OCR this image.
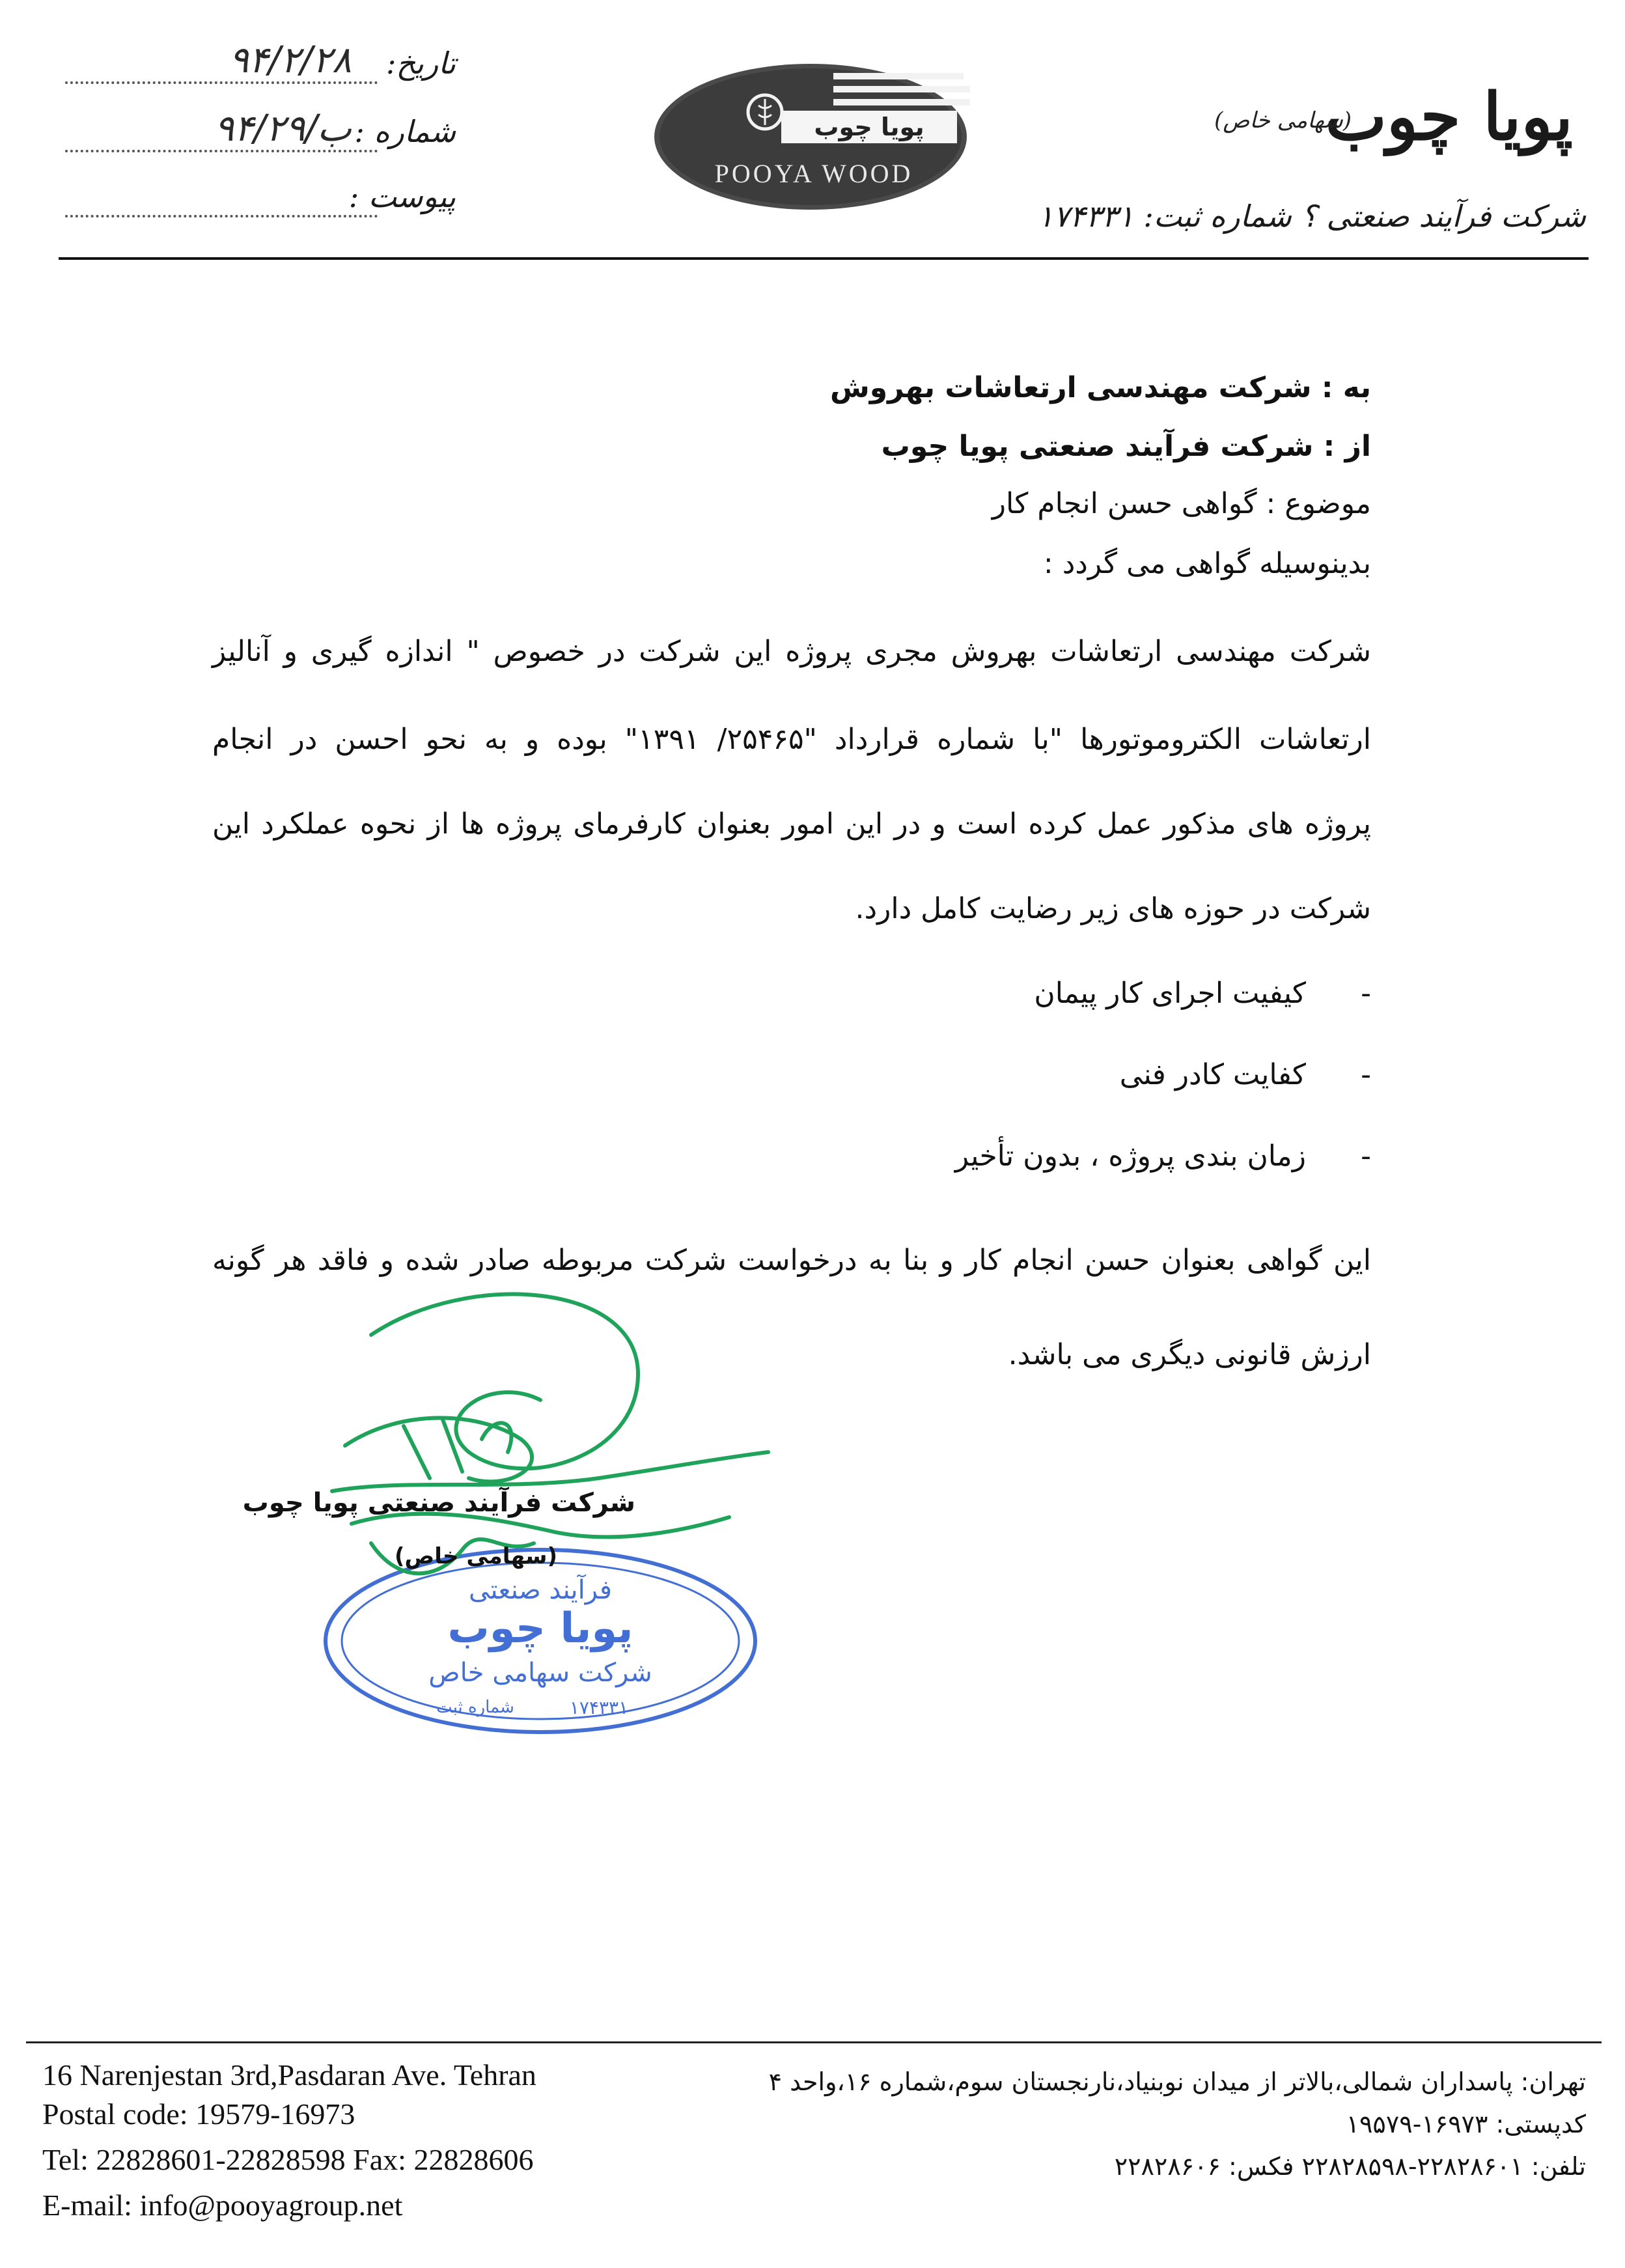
پویا چوب
(سهامی خاص)
شرکت فرآیند صنعتی ؟ شماره ثبت: ۱۷۴۳۳۱
پویا چوب
POOYA WOOD
تاریخ:
۹۴/۲/۲۸
شماره :
۹۴/۲۹/ب
پیوست :
به : شرکت مهندسی ارتعاشات بهروش
از : شرکت فرآیند صنعتی پویا چوب
موضوع : گواهی حسن انجام کار
بدینوسیله گواهی می گردد :
شرکت مهندسی ارتعاشات بهروش مجری پروژه این شرکت در خصوص " اندازه گیری و آنالیز
ارتعاشات الکتروموتورها "با شماره قرارداد "۲۵۴۶۵/ ۱۳۹۱" بوده و به نحو احسن در انجام
پروژه های مذکور عمل کرده است و در این امور بعنوان کارفرمای پروژه ها از نحوه عملکرد این
شرکت در حوزه های زیر رضایت کامل دارد.
-
کیفیت اجرای کار پیمان
-
کفایت کادر فنی
-
زمان بندی پروژه ، بدون تأخیر
این گواهی بعنوان حسن انجام کار و بنا به درخواست شرکت مربوطه صادر شده و فاقد هر گونه
ارزش قانونی دیگری می باشد.
فرآیند صنعتی
پویا چوب
شرکت سهامی خاص
شماره ثبت	۱۷۴۳۳۱
شرکت فرآیند صنعتی پویا چوب
(سهامی خاص)
16 Narenjestan 3rd,Pasdaran Ave. Tehran
Postal code: 19579-16973
Tel: 22828601-22828598 Fax: 22828606
E-mail: info@pooyagroup.net
تهران: پاسداران شمالی،بالاتر از میدان نوبنیاد،نارنجستان سوم،شماره ۱۶،واحد ۴
کدپستی: ۱۶۹۷۳-۱۹۵۷۹
تلفن: ۲۲۸۲۸۶۰۱-۲۲۸۲۸۵۹۸ فکس: ۲۲۸۲۸۶۰۶
